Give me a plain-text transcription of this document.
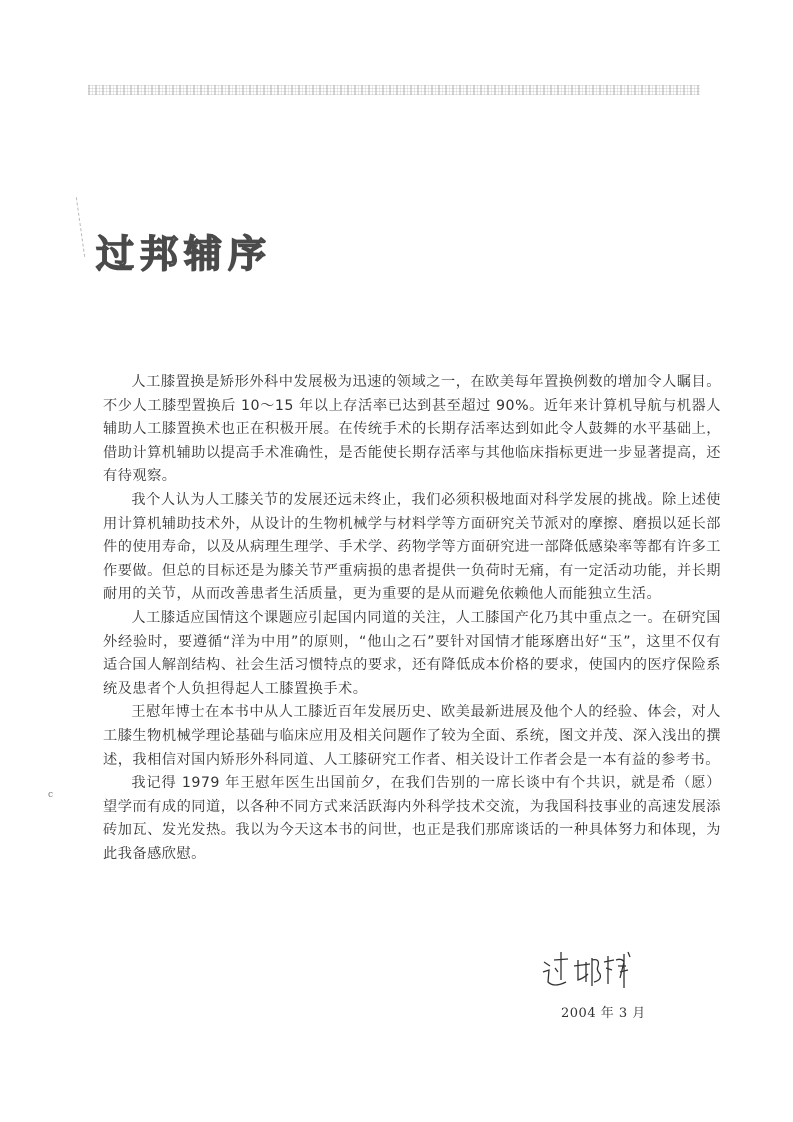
c
过邦辅序

人工膝置换是矫形外科中发展极为迅速的领域之一，在欧美每年置换例数的增加令人瞩目。不少人工膝型置换后 10～15 年以上存活率已达到甚至超过 90%。近年来计算机导航与机器人辅助人工膝置换术也正在积极开展。在传统手术的长期存活率达到如此令人鼓舞的水平基础上，借助计算机辅助以提高手术准确性，是否能使长期存活率与其他临床指标更进一步显著提高，还有待观察。

我个人认为人工膝关节的发展还远未终止，我们必须积极地面对科学发展的挑战。除上述使用计算机辅助技术外，从设计的生物机械学与材料学等方面研究关节派对的摩擦、磨损以延长部件的使用寿命，以及从病理生理学、手术学、药物学等方面研究进一部降低感染率等都有许多工作要做。但总的目标还是为膝关节严重病损的患者提供一负荷时无痛，有一定活动功能，并长期耐用的关节，从而改善患者生活质量，更为重要的是从而避免依赖他人而能独立生活。

人工膝适应国情这个课题应引起国内同道的关注，人工膝国产化乃其中重点之一。在研究国外经验时，要遵循“洋为中用”的原则，“他山之石”要针对国情才能琢磨出好“玉”，这里不仅有适合国人解剖结构、社会生活习惯特点的要求，还有降低成本价格的要求，使国内的医疗保险系统及患者个人负担得起人工膝置换手术。

王慰年博士在本书中从人工膝近百年发展历史、欧美最新进展及他个人的经验、体会，对人工膝生物机械学理论基础与临床应用及相关问题作了较为全面、系统，图文并茂、深入浅出的撰述，我相信对国内矫形外科同道、人工膝研究工作者、相关设计工作者会是一本有益的参考书。

我记得 1979 年王慰年医生出国前夕，在我们告别的一席长谈中有个共识，就是希（愿）望学而有成的同道，以各种不同方式来活跃海内外科学技术交流，为我国科技事业的高速发展添砖加瓦、发光发热。我以为今天这本书的问世，也正是我们那席谈话的一种具体努力和体现，为此我备感欣慰。

2004 年 3 月
